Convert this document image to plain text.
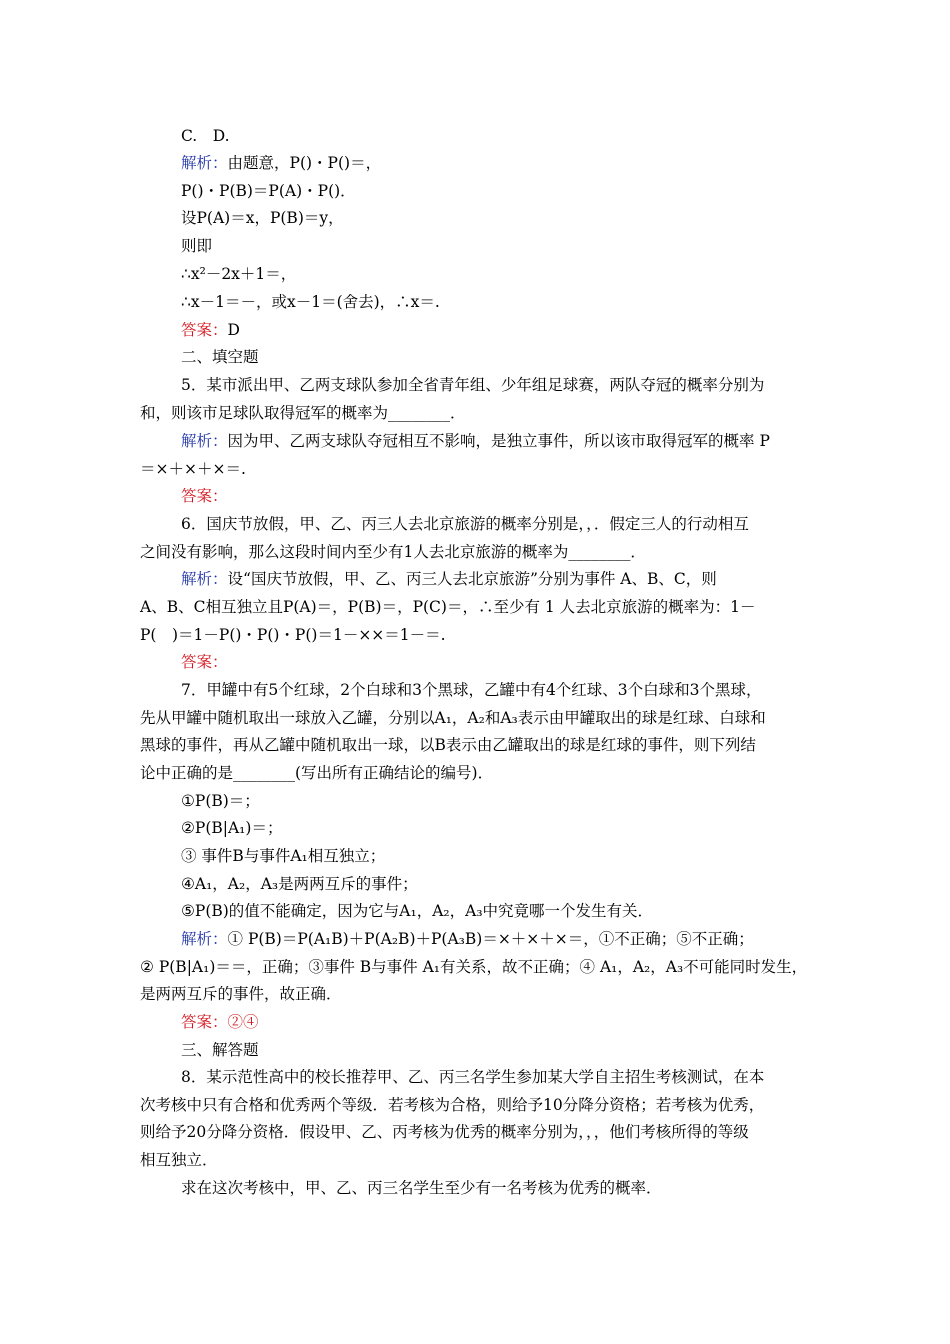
C.　D.
解析：由题意，P()・P()＝，
P()・P(B)＝P(A)・P()．
设P(A)＝x，P(B)＝y，
则即
∴x²－2x＋1＝，
∴x－1＝－，或x－1＝(舍去)，∴x＝.
答案：D
二、填空题
5．某市派出甲、乙两支球队参加全省青年组、少年组足球赛，两队夺冠的概率分别为
和，则该市足球队取得冠军的概率为________．
解析：因为甲、乙两支球队夺冠相互不影响，是独立事件，所以该市取得冠军的概率 P
＝×＋×＋×＝.
答案：
6．国庆节放假，甲、乙、丙三人去北京旅游的概率分别是，，．假定三人的行动相互
之间没有影响，那么这段时间内至少有1人去北京旅游的概率为________．
解析：设“国庆节放假，甲、乙、丙三人去北京旅游”分别为事件 A、B、C，则
A、B、C相互独立且P(A)＝，P(B)＝，P(C)＝，∴至少有 1 人去北京旅游的概率为：1－
P(　)＝1－P()・P()・P()＝1－××＝1－＝.
答案：
7．甲罐中有5个红球，2个白球和3个黑球，乙罐中有4个红球、3个白球和3个黑球，
先从甲罐中随机取出一球放入乙罐，分别以A₁，A₂和A₃表示由甲罐取出的球是红球、白球和
黑球的事件，再从乙罐中随机取出一球，以B表示由乙罐取出的球是红球的事件，则下列结
论中正确的是________(写出所有正确结论的编号)．
①P(B)＝；
②P(B|A₁)＝；
③ 事件B与事件A₁相互独立；
④A₁，A₂，A₃是两两互斥的事件；
⑤P(B)的值不能确定，因为它与A₁，A₂，A₃中究竟哪一个发生有关．
解析：① P(B)＝P(A₁B)＋P(A₂B)＋P(A₃B)＝×＋×＋×＝，①不正确；⑤不正确；
② P(B|A₁)＝＝，正确；③事件 B与事件 A₁有关系，故不正确；④ A₁，A₂，A₃不可能同时发生，
是两两互斥的事件，故正确．
答案：②④
三、解答题
8．某示范性高中的校长推荐甲、乙、丙三名学生参加某大学自主招生考核测试，在本
次考核中只有合格和优秀两个等级．若考核为合格，则给予10分降分资格；若考核为优秀，
则给予20分降分资格．假设甲、乙、丙考核为优秀的概率分别为，，，他们考核所得的等级
相互独立．
求在这次考核中，甲、乙、丙三名学生至少有一名考核为优秀的概率．
